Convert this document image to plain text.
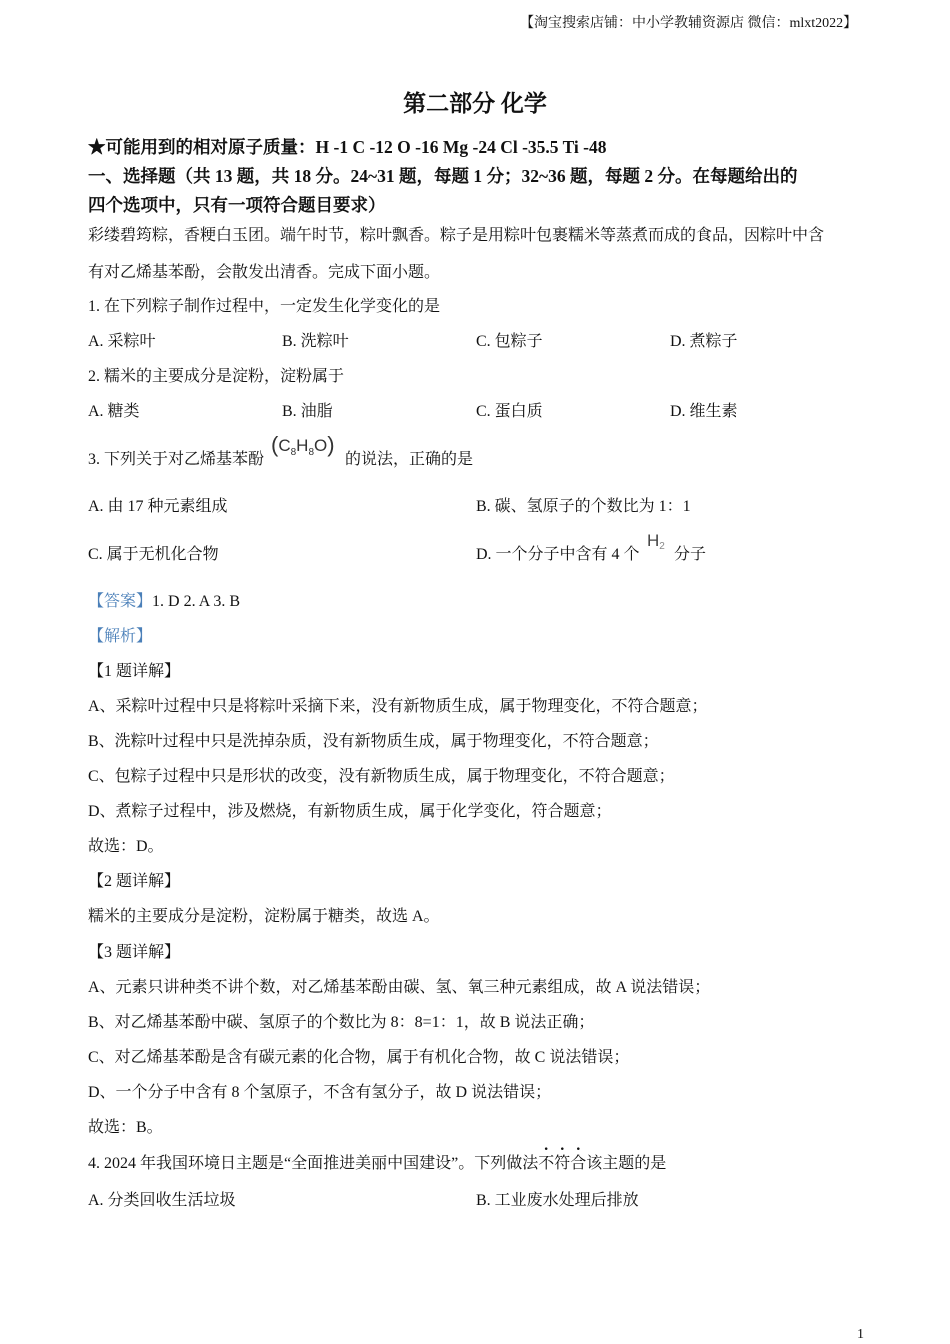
【淘宝搜索店铺：中小学教辅资源店 微信：mlxt2022】
第二部分 化学
★可能用到的相对原子质量：H -1 C -12 O -16 Mg -24 Cl -35.5 Ti -48
一、选择题（共 13 题，共 18 分。24~31 题，每题 1 分；32~36 题，每题 2 分。在每题给出的
四个选项中，只有一项符合题目要求）
彩缕碧筠粽，香粳白玉团。端午时节，粽叶飘香。粽子是用粽叶包裹糯米等蒸煮而成的食品，因粽叶中含
有对乙烯基苯酚，会散发出清香。完成下面小题。
1. 在下列粽子制作过程中，一定发生化学变化的是
A. 采粽叶	B. 洗粽叶	C. 包粽子	D. 煮粽子
2. 糯米的主要成分是淀粉，淀粉属于
A. 糖类	B. 油脂	C. 蛋白质	D. 维生素
3. 下列关于对乙烯基苯酚
$(C_8H_8O)$
的说法，正确的是
A. 由 17 种元素组成	B. 碳、氢原子的个数比为 1：1
C. 属于无机化合物	D. 一个分子中含有 4 个
$H_2$ 分子
【答案】1. D 2. A 3. B
【解析】
【1 题详解】
A、采粽叶过程中只是将粽叶采摘下来，没有新物质生成，属于物理变化，不符合题意；
B、洗粽叶过程中只是洗掉杂质，没有新物质生成，属于物理变化，不符合题意；
C、包粽子过程中只是形状的改变，没有新物质生成，属于物理变化，不符合题意；
D、煮粽子过程中，涉及燃烧，有新物质生成，属于化学变化，符合题意；
故选：D。
【2 题详解】
糯米的主要成分是淀粉，淀粉属于糖类，故选 A。
【3 题详解】
A、元素只讲种类不讲个数，对乙烯基苯酚由碳、氢、氧三种元素组成，故 A 说法错误；
B、对乙烯基苯酚中碳、氢原子的个数比为 8：8=1：1，故 B 说法正确；
C、对乙烯基苯酚是含有碳元素的化合物，属于有机化合物，故 C 说法错误；
D、一个分子中含有 8 个氢原子，不含有氢分子，故 D 说法错误；
故选：B。
4. 2024 年我国环境日主题是“全面推进美丽中国建设”。下列做法不符合该主题的是
A. 分类回收生活垃圾	B. 工业废水处理后排放
1
